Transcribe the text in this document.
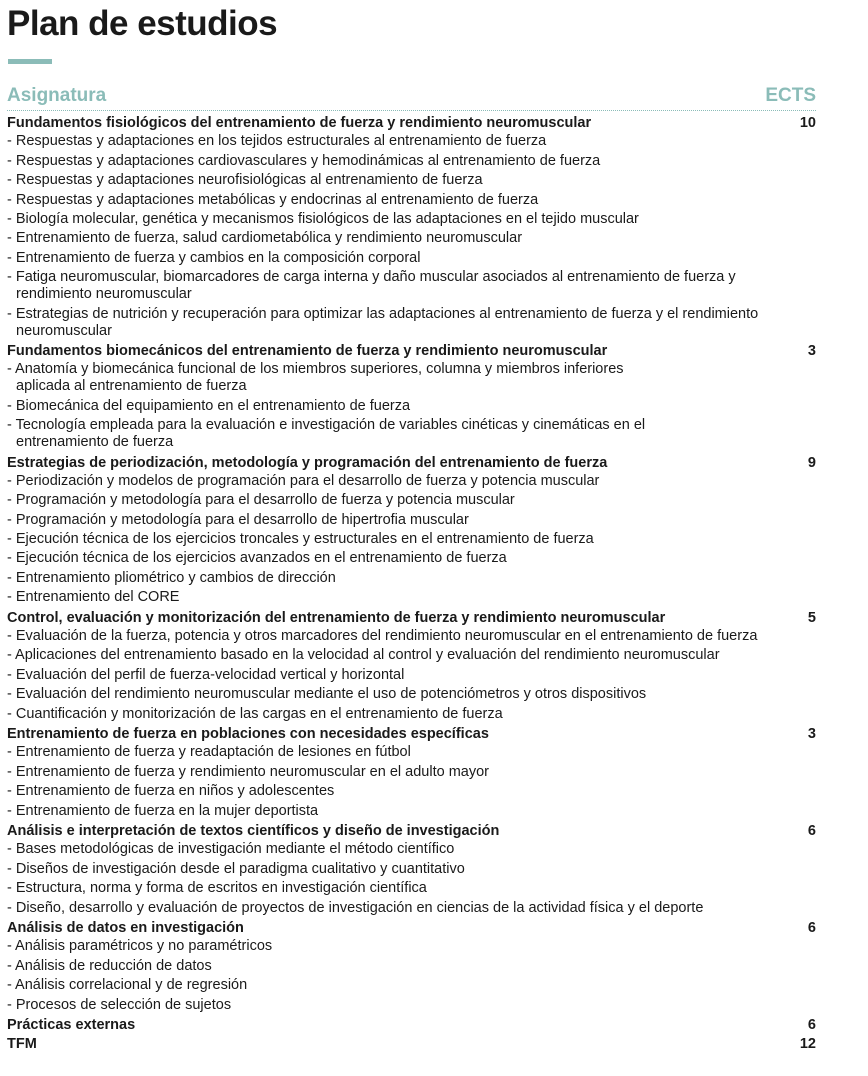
Plan de estudios
Asignatura	ECTS
Fundamentos fisiológicos del entrenamiento de fuerza y rendimiento neuromuscular	10
- Respuestas y adaptaciones en los tejidos estructurales al entrenamiento de fuerza
- Respuestas y adaptaciones cardiovasculares y hemodinámicas al entrenamiento de fuerza
- Respuestas y adaptaciones neurofisiológicas al entrenamiento de fuerza
- Respuestas y adaptaciones metabólicas y endocrinas al entrenamiento de fuerza
- Biología molecular, genética y mecanismos fisiológicos de las adaptaciones en el tejido muscular
- Entrenamiento de fuerza, salud cardiometabólica y rendimiento neuromuscular
- Entrenamiento de fuerza y cambios en la composición corporal
- Fatiga neuromuscular, biomarcadores de carga interna y daño muscular asociados al entrenamiento de fuerza y rendimiento neuromuscular
- Estrategias de nutrición y recuperación para optimizar las adaptaciones al entrenamiento de fuerza y el rendimiento neuromuscular
Fundamentos biomecánicos del entrenamiento de fuerza y rendimiento neuromuscular	3
- Anatomía y biomecánica funcional de los miembros superiores, columna y miembros inferiores aplicada al entrenamiento de fuerza
- Biomecánica del equipamiento en el entrenamiento de fuerza
- Tecnología empleada para la evaluación e investigación de variables cinéticas y cinemáticas en el entrenamiento de fuerza
Estrategias de periodización, metodología y programación del entrenamiento de fuerza	9
- Periodización y modelos de programación para el desarrollo de fuerza y potencia muscular
- Programación y metodología para el desarrollo de fuerza y potencia muscular
- Programación y metodología para el desarrollo de hipertrofia muscular
- Ejecución técnica de los ejercicios troncales y estructurales en el entrenamiento de fuerza
- Ejecución técnica de los ejercicios avanzados en el entrenamiento de fuerza
- Entrenamiento pliométrico y cambios de dirección
- Entrenamiento del CORE
Control, evaluación y monitorización del entrenamiento de fuerza y rendimiento neuromuscular	5
- Evaluación de la fuerza, potencia y otros marcadores del rendimiento neuromuscular en el entrenamiento de fuerza
- Aplicaciones del entrenamiento basado en la velocidad al control y evaluación del rendimiento neuromuscular
- Evaluación del perfil de fuerza-velocidad vertical y horizontal
- Evaluación del rendimiento neuromuscular mediante el uso de potenciómetros y otros dispositivos
- Cuantificación y monitorización de las cargas en el entrenamiento de fuerza
Entrenamiento de fuerza en poblaciones con necesidades específicas	3
- Entrenamiento de fuerza y readaptación de lesiones en fútbol
- Entrenamiento de fuerza y rendimiento neuromuscular en el adulto mayor
- Entrenamiento de fuerza en niños y adolescentes
- Entrenamiento de fuerza en la mujer deportista
Análisis e interpretación de textos científicos y diseño de investigación	6
- Bases metodológicas de investigación mediante el método científico
- Diseños de investigación desde el paradigma cualitativo y cuantitativo
- Estructura, norma y forma de escritos en investigación científica
- Diseño, desarrollo y evaluación de proyectos de investigación en ciencias de la actividad física y el deporte
Análisis de datos en investigación	6
- Análisis paramétricos y no paramétricos
- Análisis de reducción de datos
- Análisis correlacional y de regresión
- Procesos de selección de sujetos
Prácticas externas	6
TFM	12
